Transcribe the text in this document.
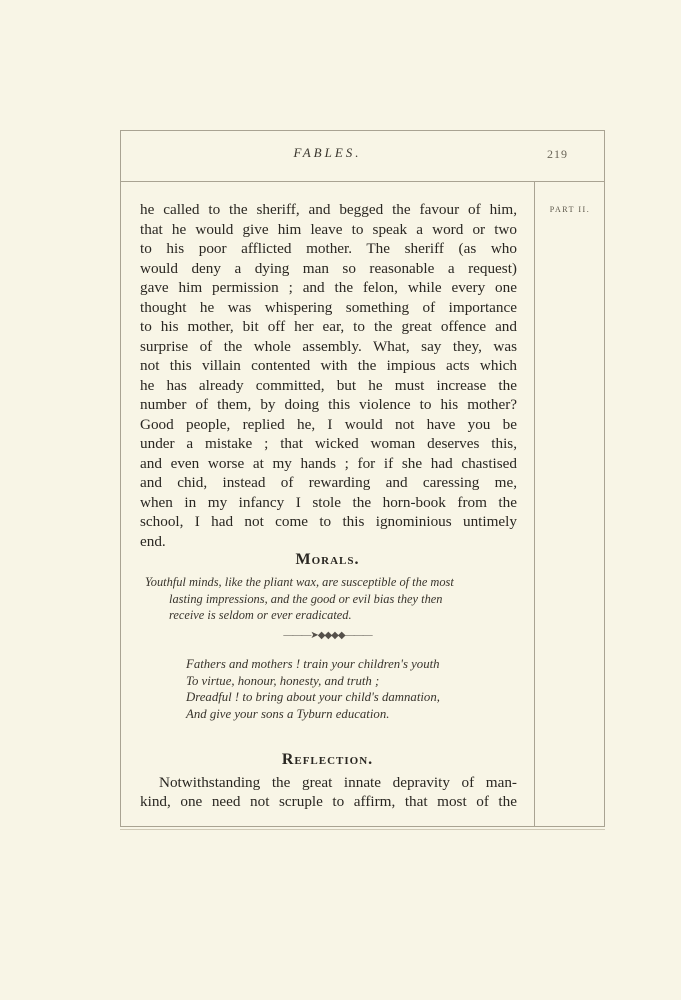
FABLES.	219
PART II.
he called to the sheriff, and begged the favour of him,
that he would give him leave to speak a word or two
to his poor afflicted mother. The sheriff (as who
would deny a dying man so reasonable a request)
gave him permission ; and the felon, while every one
thought he was whispering something of importance
to his mother, bit off her ear, to the great offence and
surprise of the whole assembly. What, say they, was
not this villain contented with the impious acts which
he has already committed, but he must increase the
number of them, by doing this violence to his mother?
Good people, replied he, I would not have you be
under a mistake ; that wicked woman deserves this,
and even worse at my hands ; for if she had chastised
and chid, instead of rewarding and caressing me,
when in my infancy I stole the horn-book from the
school, I had not come to this ignominious untimely
end.
Morals.
Youthful minds, like the pliant wax, are susceptible of the most
lasting impressions, and the good or evil bias they then
receive is seldom or ever eradicated.
———➤◆◆◆◆———
Fathers and mothers ! train your children's youth
To virtue, honour, honesty, and truth ;
Dreadful ! to bring about your child's damnation,
And give your sons a Tyburn education.
Reflection.
Notwithstanding the great innate depravity of man-
kind, one need not scruple to affirm, that most of the
